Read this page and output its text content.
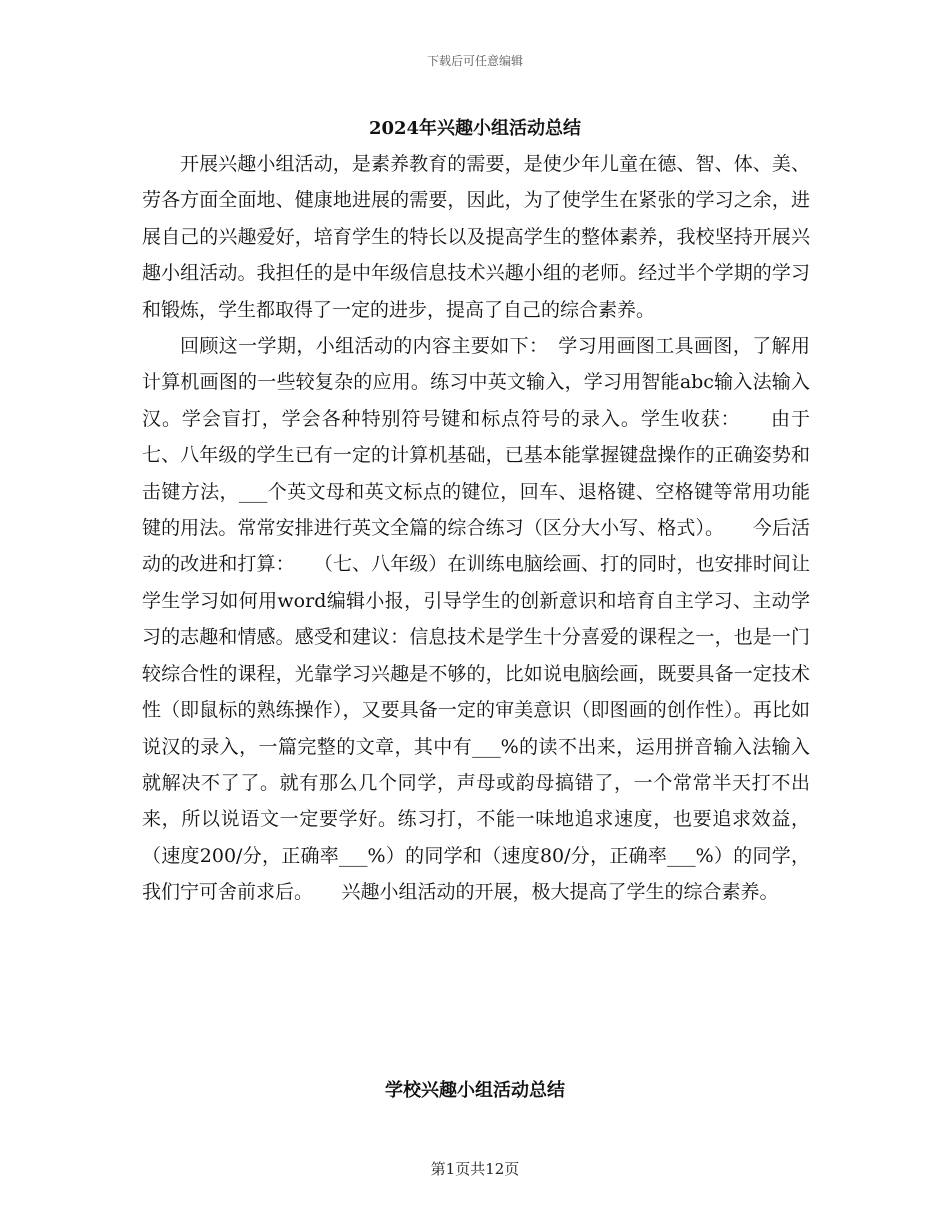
下载后可任意编辑
2024年兴趣小组活动总结

开展兴趣小组活动，是素养教育的需要，是使少年儿童在德、智、体、美、劳各方面全面地、健康地进展的需要，因此，为了使学生在紧张的学习之余，进展自己的兴趣爱好，培育学生的特长以及提高学生的整体素养，我校坚持开展兴趣小组活动。我担任的是中年级信息技术兴趣小组的老师。经过半个学期的学习和锻炼，学生都取得了一定的进步，提高了自己的综合素养。

回顾这一学期，小组活动的内容主要如下：　学习用画图工具画图，了解用计算机画图的一些较复杂的应用。练习中英文输入，学习用智能abc输入法输入汉。学会盲打，学会各种特别符号键和标点符号的录入。学生收获：　　由于七、八年级的学生已有一定的计算机基础，已基本能掌握键盘操作的正确姿势和击键方法，___个英文母和英文标点的键位，回车、退格键、空格键等常用功能键的用法。常常安排进行英文全篇的综合练习（区分大小写、格式）。　　今后活动的改进和打算：　　（七、八年级）在训练电脑绘画、打的同时，也安排时间让学生学习如何用word编辑小报，引导学生的创新意识和培育自主学习、主动学习的志趣和情感。感受和建议：信息技术是学生十分喜爱的课程之一，也是一门较综合性的课程，光靠学习兴趣是不够的，比如说电脑绘画，既要具备一定技术性（即鼠标的熟练操作），又要具备一定的审美意识（即图画的创作性）。再比如说汉的录入，一篇完整的文章，其中有___%的读不出来，运用拼音输入法输入就解决不了了。就有那么几个同学，声母或韵母搞错了，一个常常半天打不出来，所以说语文一定要学好。练习打，不能一味地追求速度，也要追求效益，（速度200/分，正确率___%）的同学和（速度80/分，正确率___%）的同学，我们宁可舍前求后。　　兴趣小组活动的开展，极大提高了学生的综合素养。

学校兴趣小组活动总结
第1页共12页
